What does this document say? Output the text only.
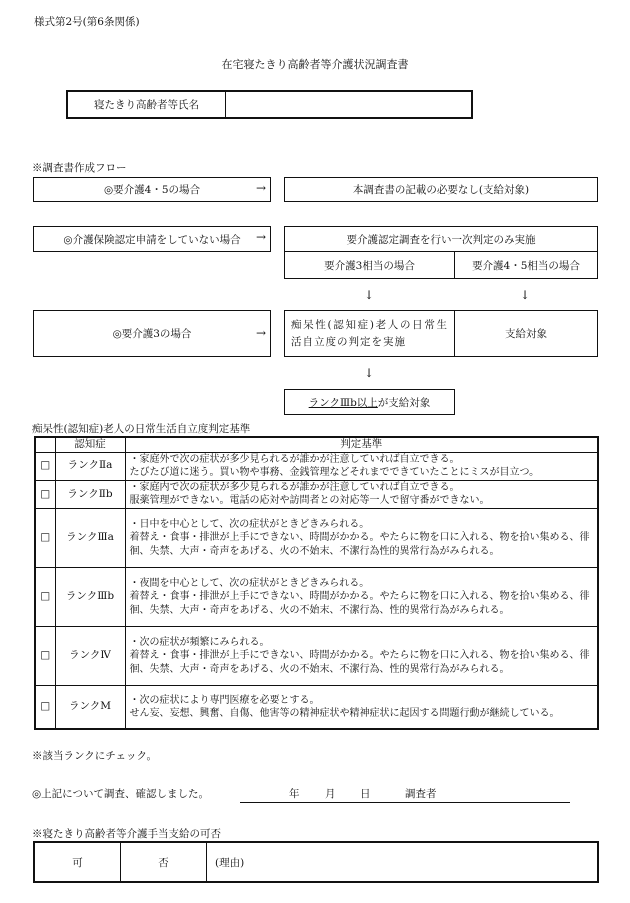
様式第2号(第6条関係)
在宅寝たきり高齢者等介護状況調査書
寝たきり高齢者等氏名
※調査書作成フロー
◎要介護4・5の場合	→	本調査書の記載の必要なし(支給対象)
◎介護保険認定申請をしていない場合	→	要介護認定調査を行い一次判定のみ実施
要介護3相当の場合	要介護4・5相当の場合
↓	↓
◎要介護3の場合	→
痴呆性(認知症)老人の日常生活自立度の判定を実施
支給対象
↓
ランクⅢb以上 が支給対象
痴呆性(認知症)老人の日常生活自立度判定基準
	認知症	判定基準
□	ランクⅡa	・家庭外で次の症状が多少見られるが誰かが注意していれば自立できる。
たびたび道に迷う。買い物や事務、金銭管理などそれまでできていたことにミスが目立つ。
□	ランクⅡb	・家庭内で次の症状が多少見られるが誰かが注意していれば自立できる。
服薬管理ができない。電話の応対や訪問者との対応等一人で留守番ができない。
□	ランクⅢa	・日中を中心として、次の症状がときどきみられる。
着替え・食事・排泄が上手にできない、時間がかかる。やたらに物を口に入れる、物を拾い集める、徘徊、失禁、大声・奇声をあげる、火の不始末、不潔行為性的異常行為がみられる。
□	ランクⅢb	・夜間を中心として、次の症状がときどきみられる。
着替え・食事・排泄が上手にできない、時間がかかる。やたらに物を口に入れる、物を拾い集める、徘徊、失禁、大声・奇声をあげる、火の不始末、不潔行為、性的異常行為がみられる。
□	ランクⅣ	・次の症状が頻繁にみられる。
着替え・食事・排泄が上手にできない、時間がかかる。やたらに物を口に入れる、物を拾い集める、徘徊、失禁、大声・奇声をあげる、火の不始末、不潔行為、性的異常行為がみられる。
□	ランクM	・次の症状により専門医療を必要とする。
せん妄、妄想、興奮、自傷、他害等の精神症状や精神症状に起因する問題行動が継続している。
※該当ランクにチェック。
◎上記について調査、確認しました。	年 月 日	調査者
※寝たきり高齢者等介護手当支給の可否
可	否	(理由)
